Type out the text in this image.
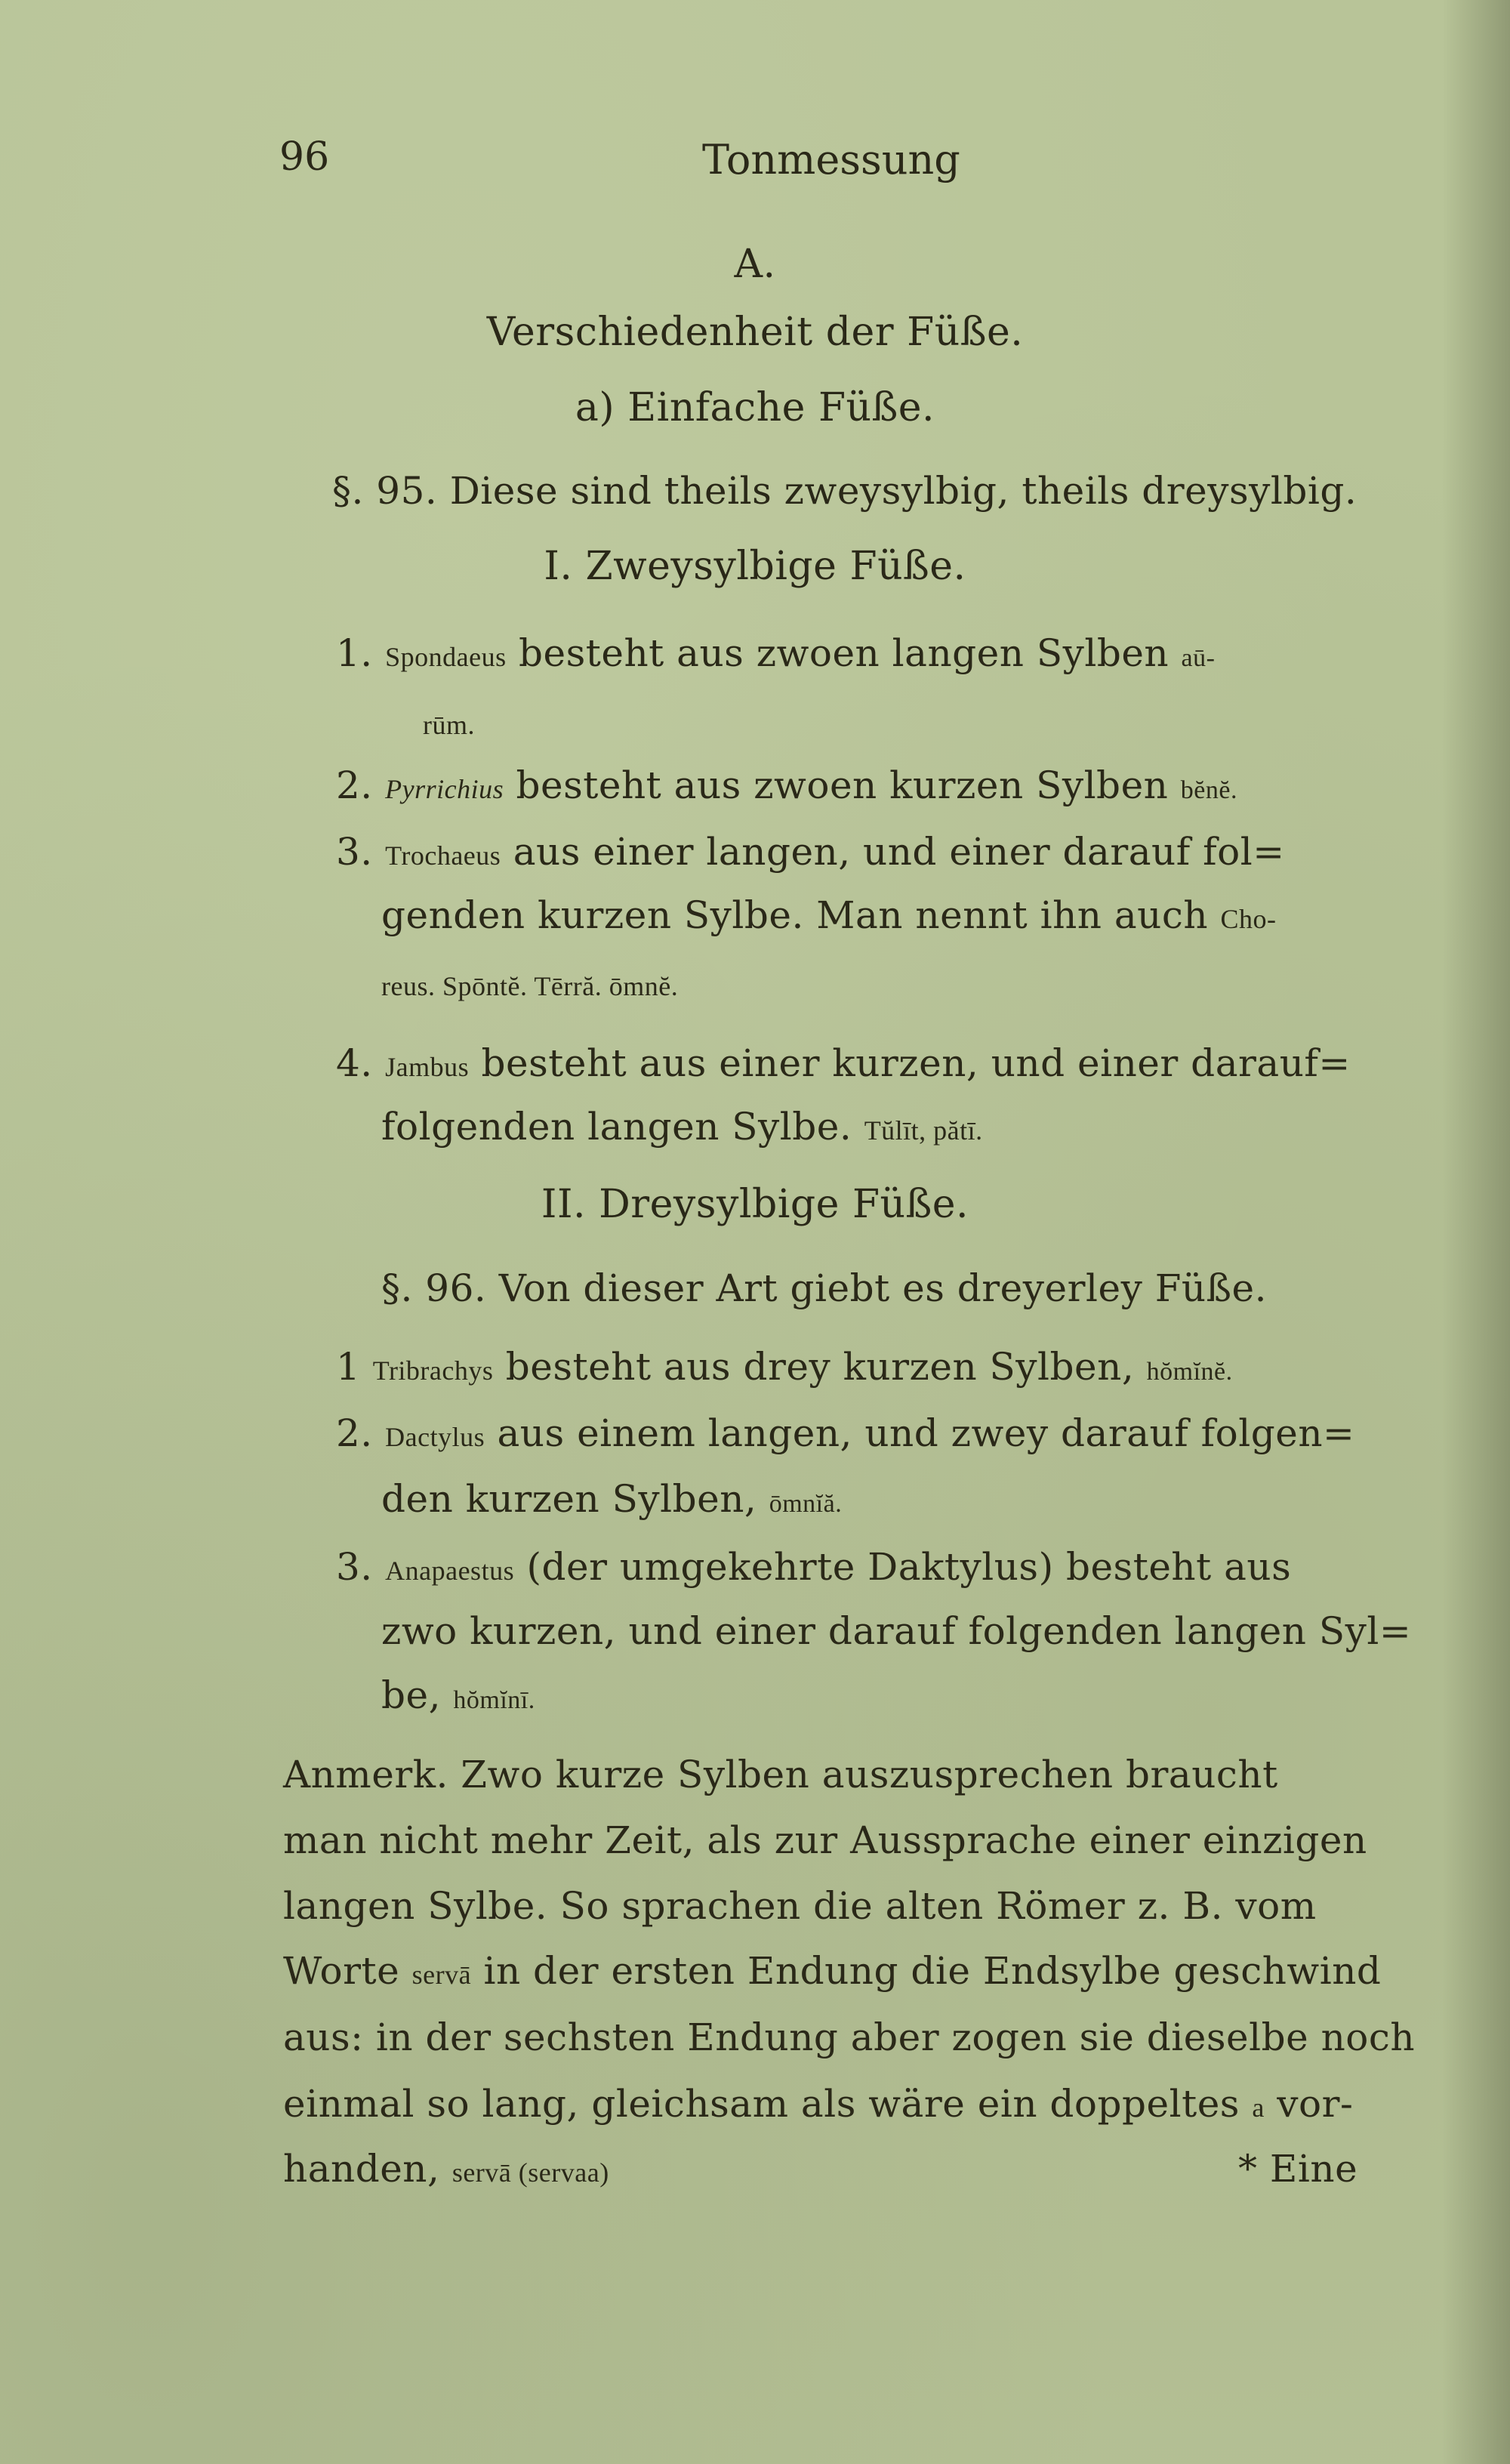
96	Tonmessung
A.
Verschiedenheit der Füße.
a) Einfache Füße.
§. 95. Diese sind theils zweysylbig, theils dreysylbig.
I. Zweysylbige Füße.
1. Spondaeus besteht aus zwoen langen Sylben aū-
rūm.
2. Pyrrichius besteht aus zwoen kurzen Sylben bĕnĕ.
3. Trochaeus aus einer langen, und einer darauf fol=
genden kurzen Sylbe. Man nennt ihn auch Cho-
reus. Spōntĕ. Tērră. ōmnĕ.
4. Jambus besteht aus einer kurzen, und einer darauf=
folgenden langen Sylbe. Tŭlīt, pătī.
II. Dreysylbige Füße.
§. 96. Von dieser Art giebt es dreyerley Füße.
1 Tribrachys besteht aus drey kurzen Sylben, hŏmĭnĕ.
2. Dactylus aus einem langen, und zwey darauf folgen=
den kurzen Sylben, ōmnĭă.
3. Anapaestus (der umgekehrte Daktylus) besteht aus
zwo kurzen, und einer darauf folgenden langen Syl=
be, hŏmĭnī.
Anmerk. Zwo kurze Sylben auszusprechen braucht
man nicht mehr Zeit, als zur Aussprache einer einzigen
langen Sylbe. So sprachen die alten Römer z. B. vom
Worte servā in der ersten Endung die Endsylbe geschwind
aus: in der sechsten Endung aber zogen sie dieselbe noch
einmal so lang, gleichsam als wäre ein doppeltes a vor-
handen, servā (servaa)	* Eine
